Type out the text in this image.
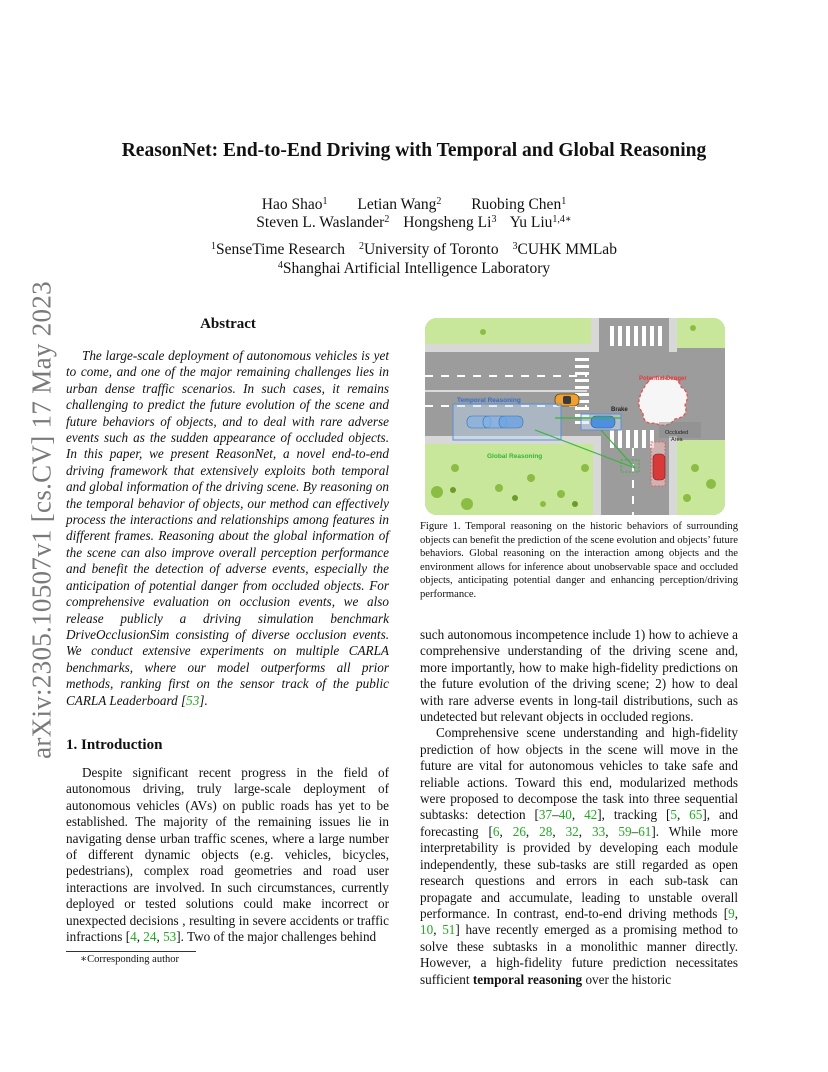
arXiv:2305.10507v1 [cs.CV] 17 May 2023
ReasonNet: End-to-End Driving with Temporal and Global Reasoning
Hao Shao$^1$ Letian Wang$^2$ Ruobing Chen$^1$
Steven L. Waslander$^2$ Hongsheng Li$^3$ Yu Liu$^{1,4∗}$
$^1$SenseTime Research $^2$University of Toronto $^3$CUHK MMLab
$^4$Shanghai Artificial Intelligence Laboratory
Abstract

The large-scale deployment of autonomous vehicles is yet to come, and one of the major remaining challenges lies in urban dense traffic scenarios. In such cases, it remains challenging to predict the future evolution of the scene and future behaviors of objects, and to deal with rare adverse events such as the sudden appearance of occluded objects. In this paper, we present ReasonNet, a novel end-to-end driving framework that extensively exploits both temporal and global information of the driving scene. By reasoning on the temporal behavior of objects, our method can effectively process the interactions and relationships among features in different frames. Reasoning about the global information of the scene can also improve overall perception performance and benefit the detection of adverse events, especially the anticipation of potential danger from occluded objects. For comprehensive evaluation on occlusion events, we also release publicly a driving simulation benchmark DriveOcclusionSim consisting of diverse occlusion events. We conduct extensive experiments on multiple CARLA benchmarks, where our model outperforms all prior methods, ranking first on the sensor track of the public CARLA Leaderboard [53].

1. Introduction

Despite significant recent progress in the field of autonomous driving, truly large-scale deployment of autonomous vehicles (AVs) on public roads has yet to be established. The majority of the remaining issues lie in navigating dense urban traffic scenes, where a large number of different dynamic objects (e.g. vehicles, bicycles, pedestrians), complex road geometries and road user interactions are involved. In such circumstances, currently deployed or tested solutions could make incorrect or unexpected decisions , resulting in severe accidents or traffic infractions [4, 24, 53]. Two of the major challenges behind

∗Corresponding author
Potential Danger
Temporal Reasoning
Brake
Occluded
Area
Global Reasoning
Figure 1. Temporal reasoning on the historic behaviors of surrounding objects can benefit the prediction of the scene evolution and objects’ future behaviors. Global reasoning on the interaction among objects and the environment allows for inference about unobservable space and occluded objects, anticipating potential danger and enhancing perception/driving performance.

such autonomous incompetence include 1) how to achieve a comprehensive understanding of the driving scene and, more importantly, how to make high-fidelity predictions on the future evolution of the driving scene; 2) how to deal with rare adverse events in long-tail distributions, such as undetected but relevant objects in occluded regions.

Comprehensive scene understanding and high-fidelity prediction of how objects in the scene will move in the future are vital for autonomous vehicles to take safe and reliable actions. Toward this end, modularized methods were proposed to decompose the task into three sequential subtasks: detection [37–40, 42], tracking [5, 65], and forecasting [6, 26, 28, 32, 33, 59–61]. While more interpretability is provided by developing each module independently, these sub-tasks are still regarded as open research questions and errors in each sub-task can propagate and accumulate, leading to unstable overall performance. In contrast, end-to-end driving methods [9, 10, 51] have recently emerged as a promising method to solve these subtasks in a monolithic manner directly. However, a high-fidelity future prediction necessitates sufficient temporal reasoning over the historic
